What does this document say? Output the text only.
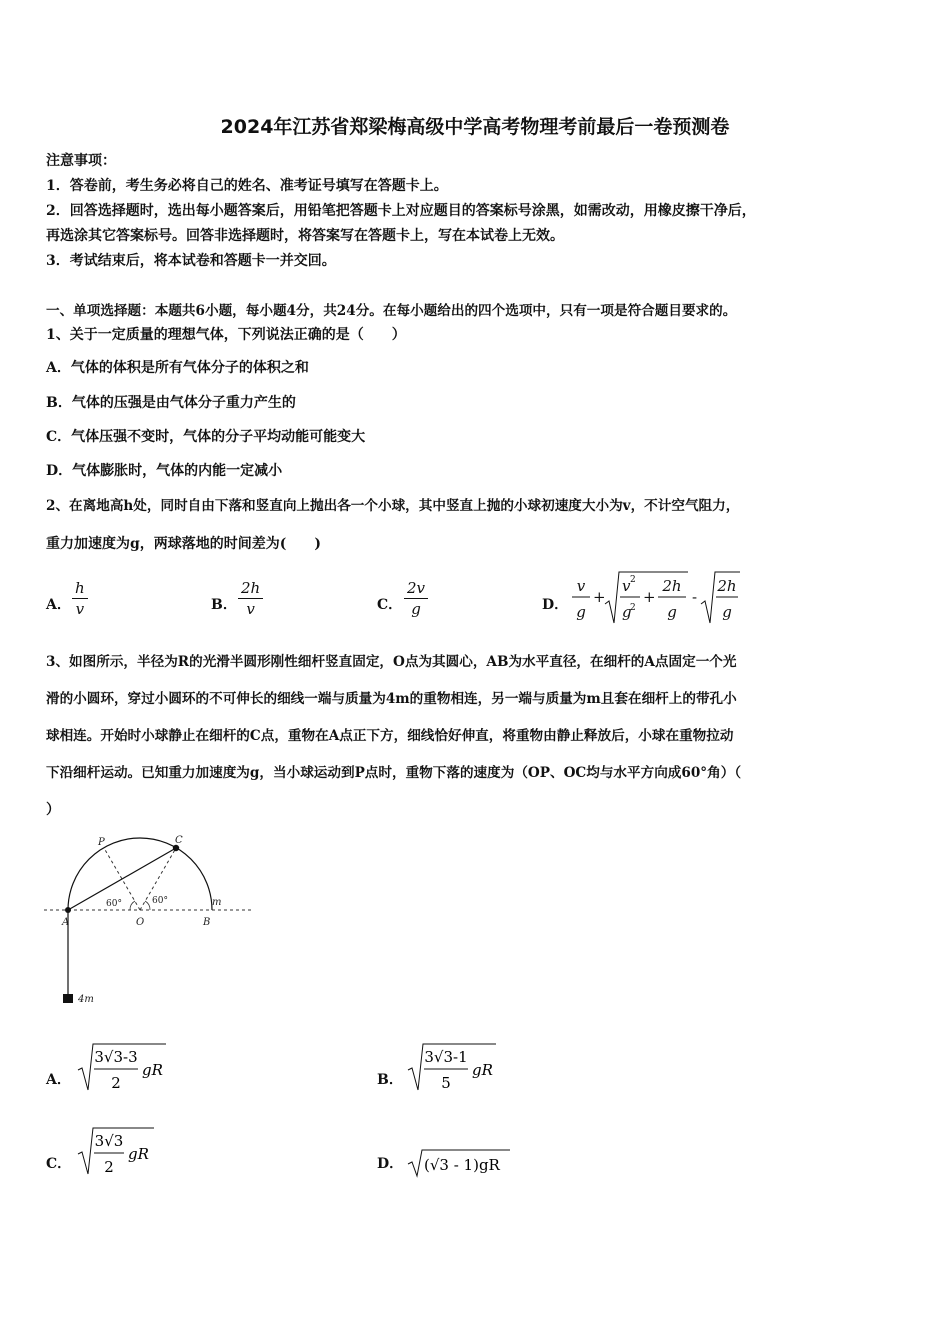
2024年江苏省郑梁梅高级中学高考物理考前最后一卷预测卷
注意事项：
1．答卷前，考生务必将自己的姓名、准考证号填写在答题卡上。
2．回答选择题时，选出每小题答案后，用铅笔把答题卡上对应题目的答案标号涂黑，如需改动，用橡皮擦干净后，
再选涂其它答案标号。回答非选择题时，将答案写在答题卡上，写在本试卷上无效。
3．考试结束后，将本试卷和答题卡一并交回。
一、单项选择题：本题共6小题，每小题4分，共24分。在每小题给出的四个选项中，只有一项是符合题目要求的。
1、关于一定质量的理想气体，下列说法正确的是（　　）
A．气体的体积是所有气体分子的体积之和
B．气体的压强是由气体分子重力产生的
C．气体压强不变时，气体的分子平均动能可能变大
D．气体膨胀时，气体的内能一定减小
2、在离地高h处，同时自由下落和竖直向上抛出各一个小球，其中竖直上抛的小球初速度大小为v，不计空气阻力，
重力加速度为g，两球落地的时间差为(　　)
A． $\frac{h}{v}$	B． $\frac{2h}{v}$	C． $\frac{2v}{g}$	D．
v
g
+
v 2
g
2
+
2h
g
-
2h
g
3、如图所示，半径为R的光滑半圆形刚性细杆竖直固定，O点为其圆心，AB为水平直径，在细杆的A点固定一个光
滑的小圆环，穿过小圆环的不可伸长的细线一端与质量为4m的重物相连，另一端与质量为m且套在细杆上的带孔小
球相连。开始时小球静止在细杆的C点，重物在A点正下方，细线恰好伸直，将重物由静止释放后，小球在重物拉动
下沿细杆运动。已知重力加速度为g，当小球运动到P点时，重物下落的速度为（OP、OC均与水平方向成60°角）（
）
P	C
A	O	B
m
4m
60°	60°
A．
3√3-3
2
gR
B．
3√3-1
5
gR
C．
3√3
2
gR
D． (√3 - 1)gR
